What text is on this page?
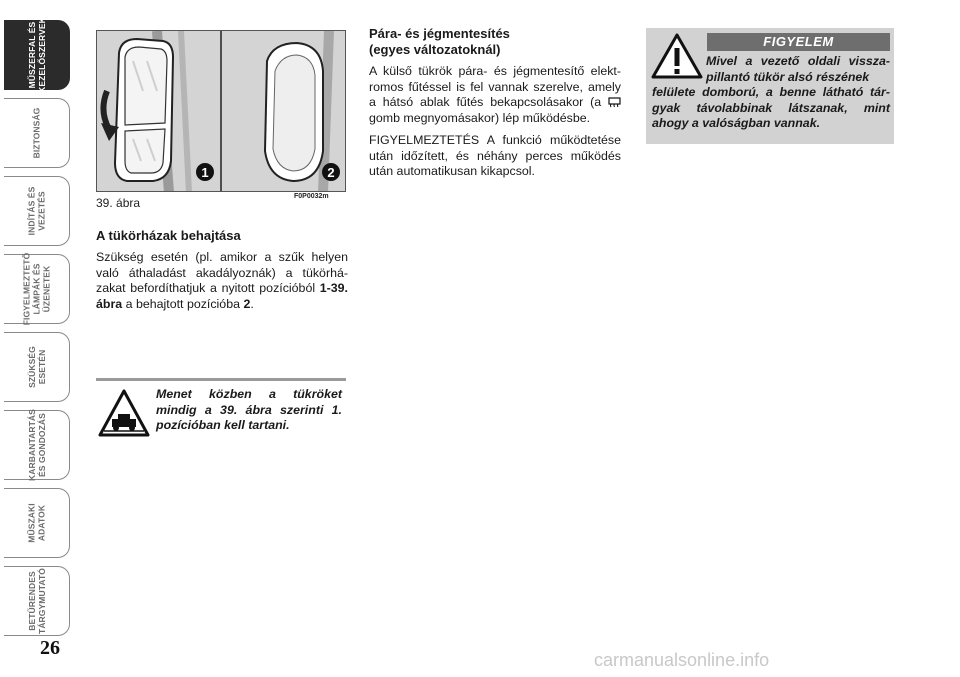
MŰSZERFAL ÉS
KEZELŐSZERVEK
BIZTONSÁG
INDÍTÁS ÉS
VEZETÉS
FIGYELMEZTETŐ
LÁMPÁK ÉS
ÜZENETEK
SZÜKSÉG
ESETÉN
KARBANTARTÁS
ÉS GONDOZÁS
MŰSZAKI
ADATOK
BETŰRENDES
TÁRGYMUTATÓ
26
1	2
F0P0032m
39. ábra
A tükörházak behajtása

Szükség esetén (pl. amikor a szűk helyen való áthaladást akadályoznák) a tükörhá-zakat befordíthatjuk a nyitott pozícióból 1-39. ábra a behajtott pozícióba 2.

Menet közben a tükröket mindig a 39. ábra szerinti 1. pozícióban kell tartani.
Pára- és jégmentesítés
(egyes változatoknál)

A külső tükrök pára- és jégmentesítő elekt-romos fűtéssel is fel vannak szerelve, amely a hátsó ablak fűtés bekapcsolásakor (a  gomb megnyomásakor) lép működésbe.

FIGYELMEZTETÉS A funkció működtetése után időzített, és néhány perces működés után automatikusan kikapcsol.

FIGYELEM
Mivel a vezető oldali vissza-pillantó tükör alsó részének
felülete domború, a benne látható tár-gyak távolabbinak látszanak, mint ahogy a valóságban vannak.
carmanualsonline.info
